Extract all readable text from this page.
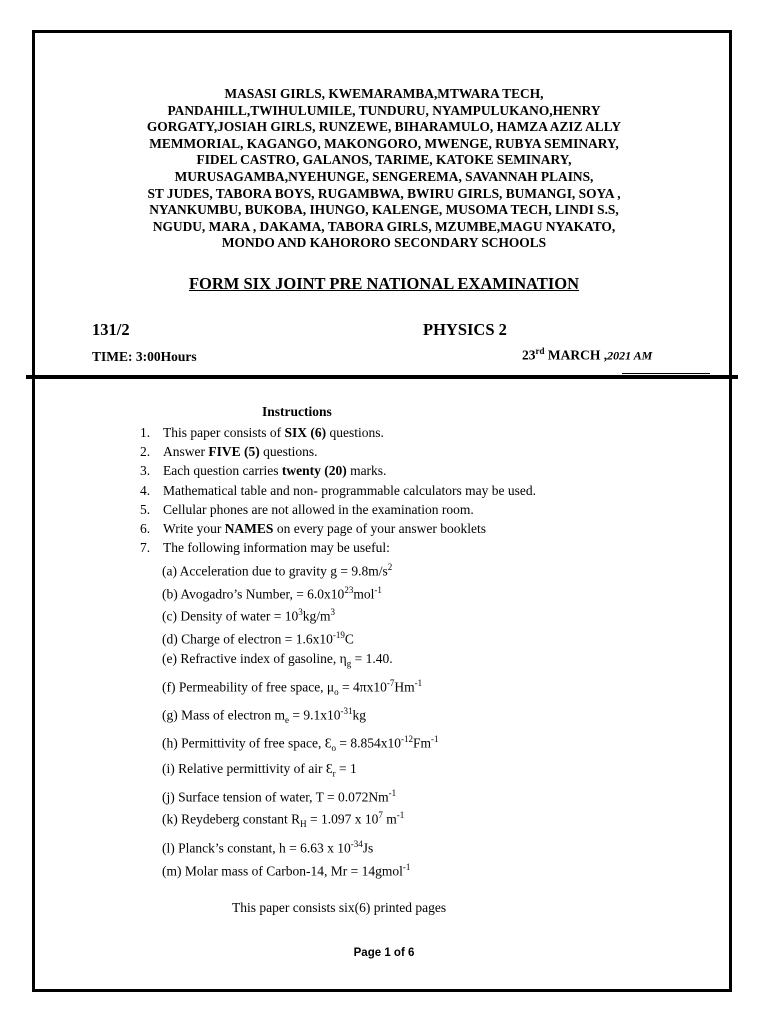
MASASI GIRLS, KWEMARAMBA,MTWARA TECH,
PANDAHILL,TWIHULUMILE, TUNDURU, NYAMPULUKANO,HENRY
GORGATY,JOSIAH GIRLS, RUNZEWE, BIHARAMULO, HAMZA AZIZ ALLY
MEMMORIAL, KAGANGO, MAKONGORO, MWENGE, RUBYA SEMINARY,
FIDEL CASTRO, GALANOS, TARIME, KATOKE SEMINARY,
MURUSAGAMBA,NYEHUNGE, SENGEREMA, SAVANNAH PLAINS,
ST JUDES, TABORA BOYS, RUGAMBWA, BWIRU GIRLS, BUMANGI, SOYA ,
NYANKUMBU, BUKOBA, IHUNGO, KALENGE, MUSOMA TECH, LINDI S.S,
NGUDU, MARA , DAKAMA, TABORA GIRLS, MZUMBE,MAGU NYAKATO,
MONDO AND KAHORORO SECONDARY SCHOOLS
FORM SIX JOINT PRE NATIONAL EXAMINATION
131/2	PHYSICS 2
TIME: 3:00Hours	23rd MARCH ,2021 AM
Instructions
1. This paper consists of SIX (6) questions.
2. Answer FIVE (5) questions.
3. Each question carries twenty (20) marks.
4. Mathematical table and non- programmable calculators may be used.
5. Cellular phones are not allowed in the examination room.
6. Write your NAMES on every page of your answer booklets
7. The following information may be useful:
(a) Acceleration due to gravity $g = 9.8m/s^2$
(b) Avogadro’s Number, = $6.0x10^{23}mol^{-1}$
(c) Density of water = $10^3kg/m^3$
(d) Charge of electron = $1.6x10^{-19}C$
(e) Refractive index of gasoline, $\eta_g = 1.40$.
(f) Permeability of free space, $\mu_o = 4\pi x10^{-7}Hm^{-1}$
(g) Mass of electron $m_e = 9.1x10^{-31}kg$
(h) Permittivity of free space, $Ɛ_o = 8.854x10^{-12}Fm^{-1}$
(i) Relative permittivity of air $Ɛ_r = 1$
(j) Surface tension of water, $T = 0.072Nm^{-1}$
(k) Reydeberg constant $R_H = 1.097$ x $10^7$ $m^{-1}$
(l) Planck’s constant, h = 6.63 x $10^{-34}Js$
(m) Molar mass of Carbon-14, Mr = 14gmol$^{-1}$
This paper consists six(6) printed pages
Page 1 of 6
